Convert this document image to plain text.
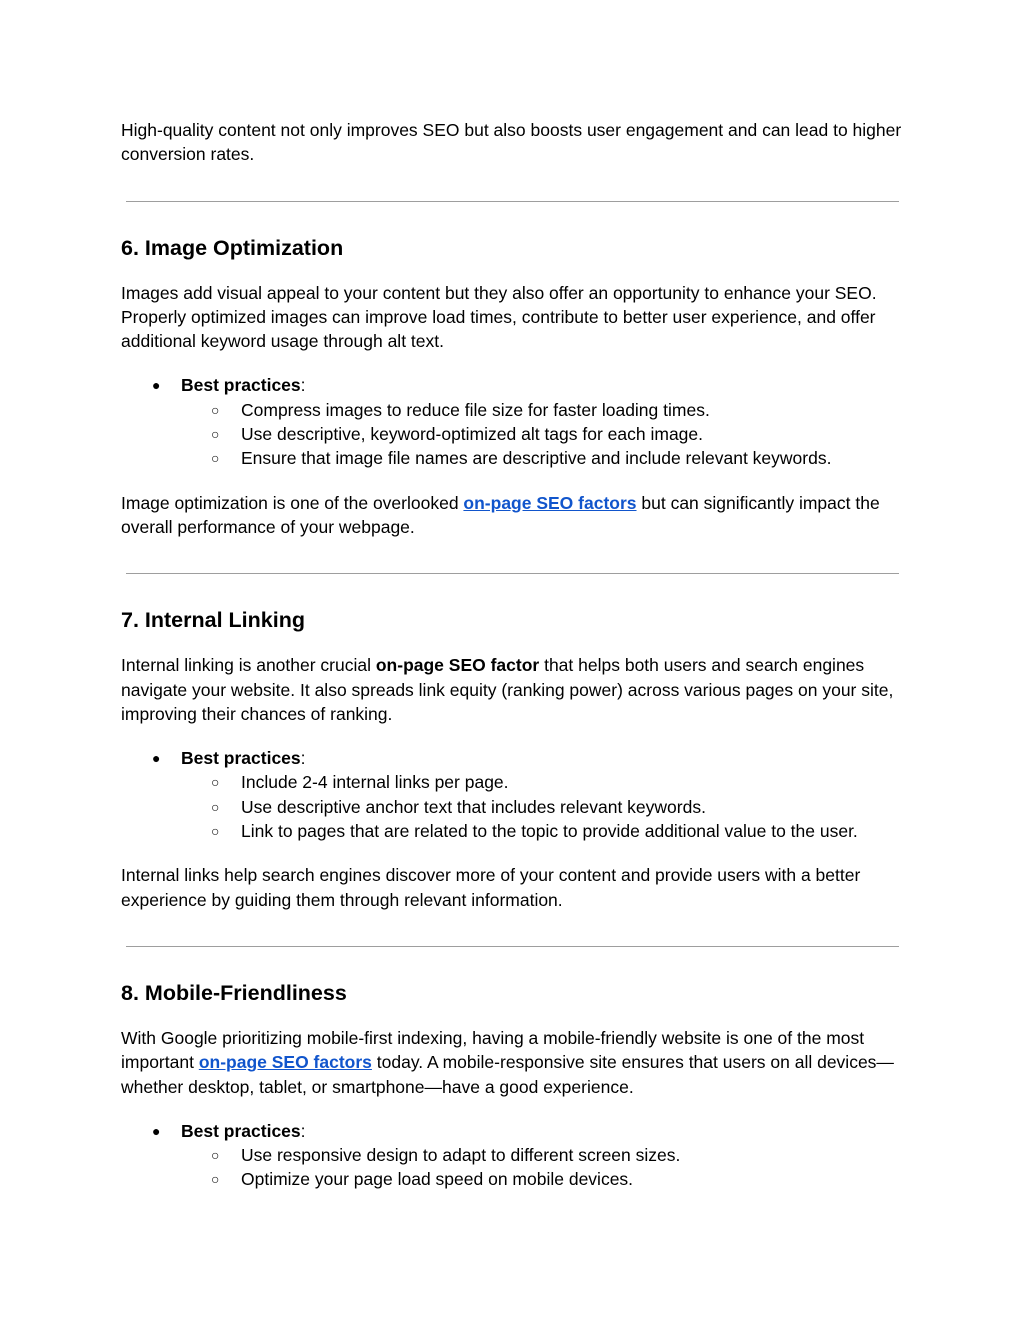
High-quality content not only improves SEO but also boosts user engagement and can lead to higher conversion rates.

6. Image Optimization

Images add visual appeal to your content but they also offer an opportunity to enhance your SEO. Properly optimized images can improve load times, contribute to better user experience, and offer additional keyword usage through alt text.

●	Best practices:
○	Compress images to reduce file size for faster loading times.
○	Use descriptive, keyword-optimized alt tags for each image.
○	Ensure that image file names are descriptive and include relevant keywords.

Image optimization is one of the overlooked on-page SEO factors but can significantly impact the overall performance of your webpage.

7. Internal Linking

Internal linking is another crucial on-page SEO factor that helps both users and search engines navigate your website. It also spreads link equity (ranking power) across various pages on your site, improving their chances of ranking.

●	Best practices:
○	Include 2-4 internal links per page.
○	Use descriptive anchor text that includes relevant keywords.
○	Link to pages that are related to the topic to provide additional value to the user.

Internal links help search engines discover more of your content and provide users with a better experience by guiding them through relevant information.

8. Mobile-Friendliness

With Google prioritizing mobile-first indexing, having a mobile-friendly website is one of the most important on-page SEO factors today. A mobile-responsive site ensures that users on all devices—whether desktop, tablet, or smartphone—have a good experience.

●	Best practices:
○	Use responsive design to adapt to different screen sizes.
○	Optimize your page load speed on mobile devices.
